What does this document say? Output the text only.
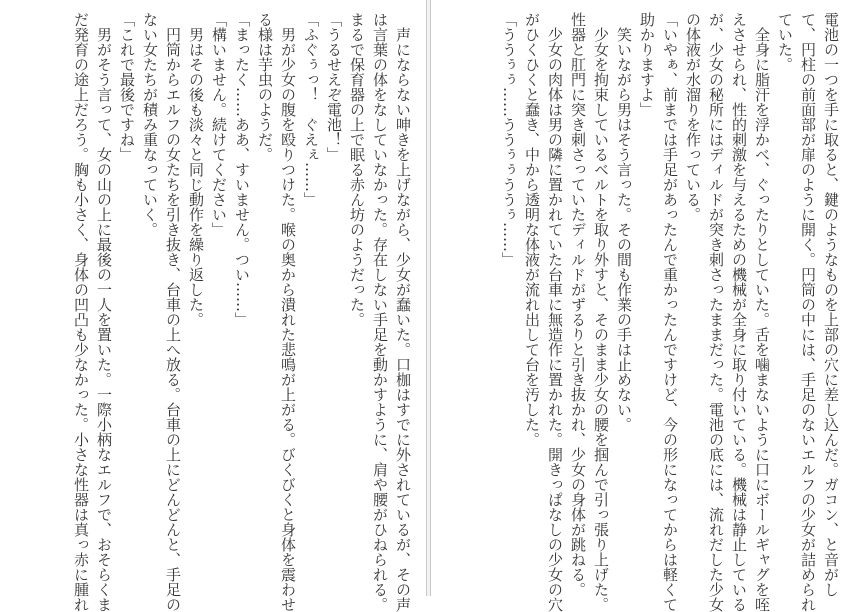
　声にならない呻きを上げながら、少女が蠢いた。口枷はすでに外されているが、その声
は言葉の体をなしていなかった。存在しない手足を動かすように、肩や腰がひねられる。
まるで保育器の上で眠る赤ん坊のようだった。
「うるせえぞ電池！」
「ふぐぅっ！　ぐえぇ……」
　男が少女の腹を殴りつけた。喉の奥から潰れた悲鳴が上がる。びくびくと身体を震わせ
る様は芋虫のようだ。
「まったく……ああ、すいません。つい……」
「構いません。続けてください」
　男はその後も淡々と同じ動作を繰り返した。
　円筒からエルフの女たちを引き抜き、台車の上へ放る。台車の上にどんどんと、手足の
ない女たちが積み重なっていく。
「これで最後ですね」
　男がそう言って、女の山の上に最後の一人を置いた。一際小柄なエルフで、おそらくま
だ発育の途上だろう。胸も小さく、身体の凹凸も少なかった。小さな性器は真っ赤に腫れ	電池の一つを手に取ると、鍵のようなものを上部の穴に差し込んだ。ガコン、と音がし
て、円柱の前面部が扉のように開く。円筒の中には、手足のないエルフの少女が詰められ
ていた。
　全身に脂汗を浮かべ、ぐったりとしていた。舌を噛まないように口にボールギャグを咥
えさせられ、性的刺激を与えるための機械が全身に取り付いている。機械は静止している
が、少女の秘所にはディルドが突き刺さったままだった。電池の底には、流れだした少女
の体液が水溜りを作っている。
「いやぁ、前までは手足があったんで重かったんですけど、今の形になってからは軽くて
助かりますよ」
　笑いながら男はそう言った。その間も作業の手は止めない。
　少女を拘束しているベルトを取り外すと、そのまま少女の腰を掴んで引っ張り上げた。
性器と肛門に突き刺さっていたディルドがずるりと引き抜かれ、少女の身体が跳ねる。
　少女の肉体は男の隣に置かれていた台車に無造作に置かれた。開きっぱなしの少女の穴
がひくひくと蠢き、中から透明な体液が流れ出して台を汚した。
「ううぅぅ……ううぅぅううぅ……」
